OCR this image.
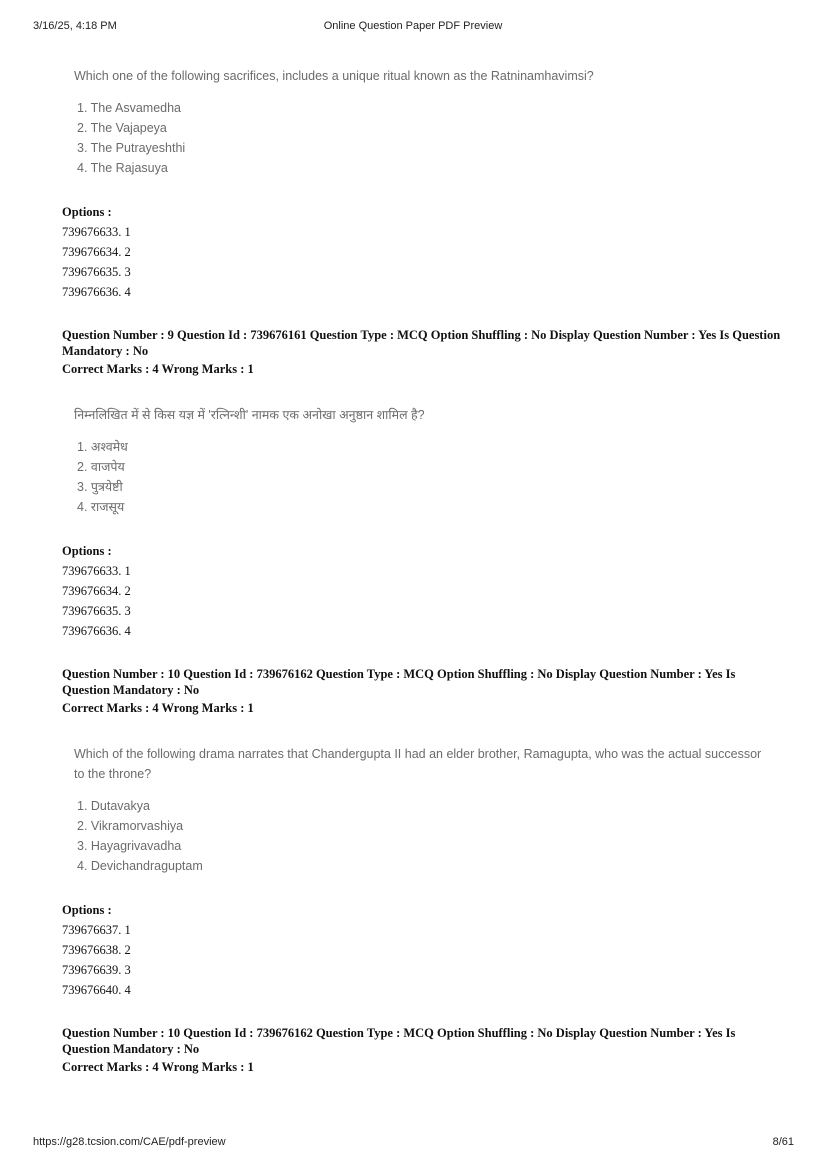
3/16/25, 4:18 PM	Online Question Paper PDF Preview

Which one of the following sacrifices, includes a unique ritual known as the Ratninamhavimsi?

1. The Asvamedha
2. The Vajapeya
3. The Putrayeshthi
4. The Rajasuya
Options :
739676633. 1
739676634. 2
739676635. 3
739676636. 4
Question Number : 9 Question Id : 739676161 Question Type : MCQ Option Shuffling : No Display Question Number : Yes Is Question Mandatory : No
Correct Marks : 4 Wrong Marks : 1

निम्नलिखित में से किस यज्ञ में 'रत्निन्शी' नामक एक अनोखा अनुष्ठान शामिल है?

1. अश्वमेध
2. वाजपेय
3. पुत्रयेष्टी
4. राजसूय
Options :
739676633. 1
739676634. 2
739676635. 3
739676636. 4
Question Number : 10 Question Id : 739676162 Question Type : MCQ Option Shuffling : No Display Question Number : Yes Is Question Mandatory : No
Correct Marks : 4 Wrong Marks : 1

Which of the following drama narrates that Chandergupta II had an elder brother, Ramagupta, who was the actual successor to the throne?

1. Dutavakya
2. Vikramorvashiya
3. Hayagrivavadha
4. Devichandraguptam
Options :
739676637. 1
739676638. 2
739676639. 3
739676640. 4
Question Number : 10 Question Id : 739676162 Question Type : MCQ Option Shuffling : No Display Question Number : Yes Is Question Mandatory : No
Correct Marks : 4 Wrong Marks : 1
https://g28.tcsion.com/CAE/pdf-preview	8/61
